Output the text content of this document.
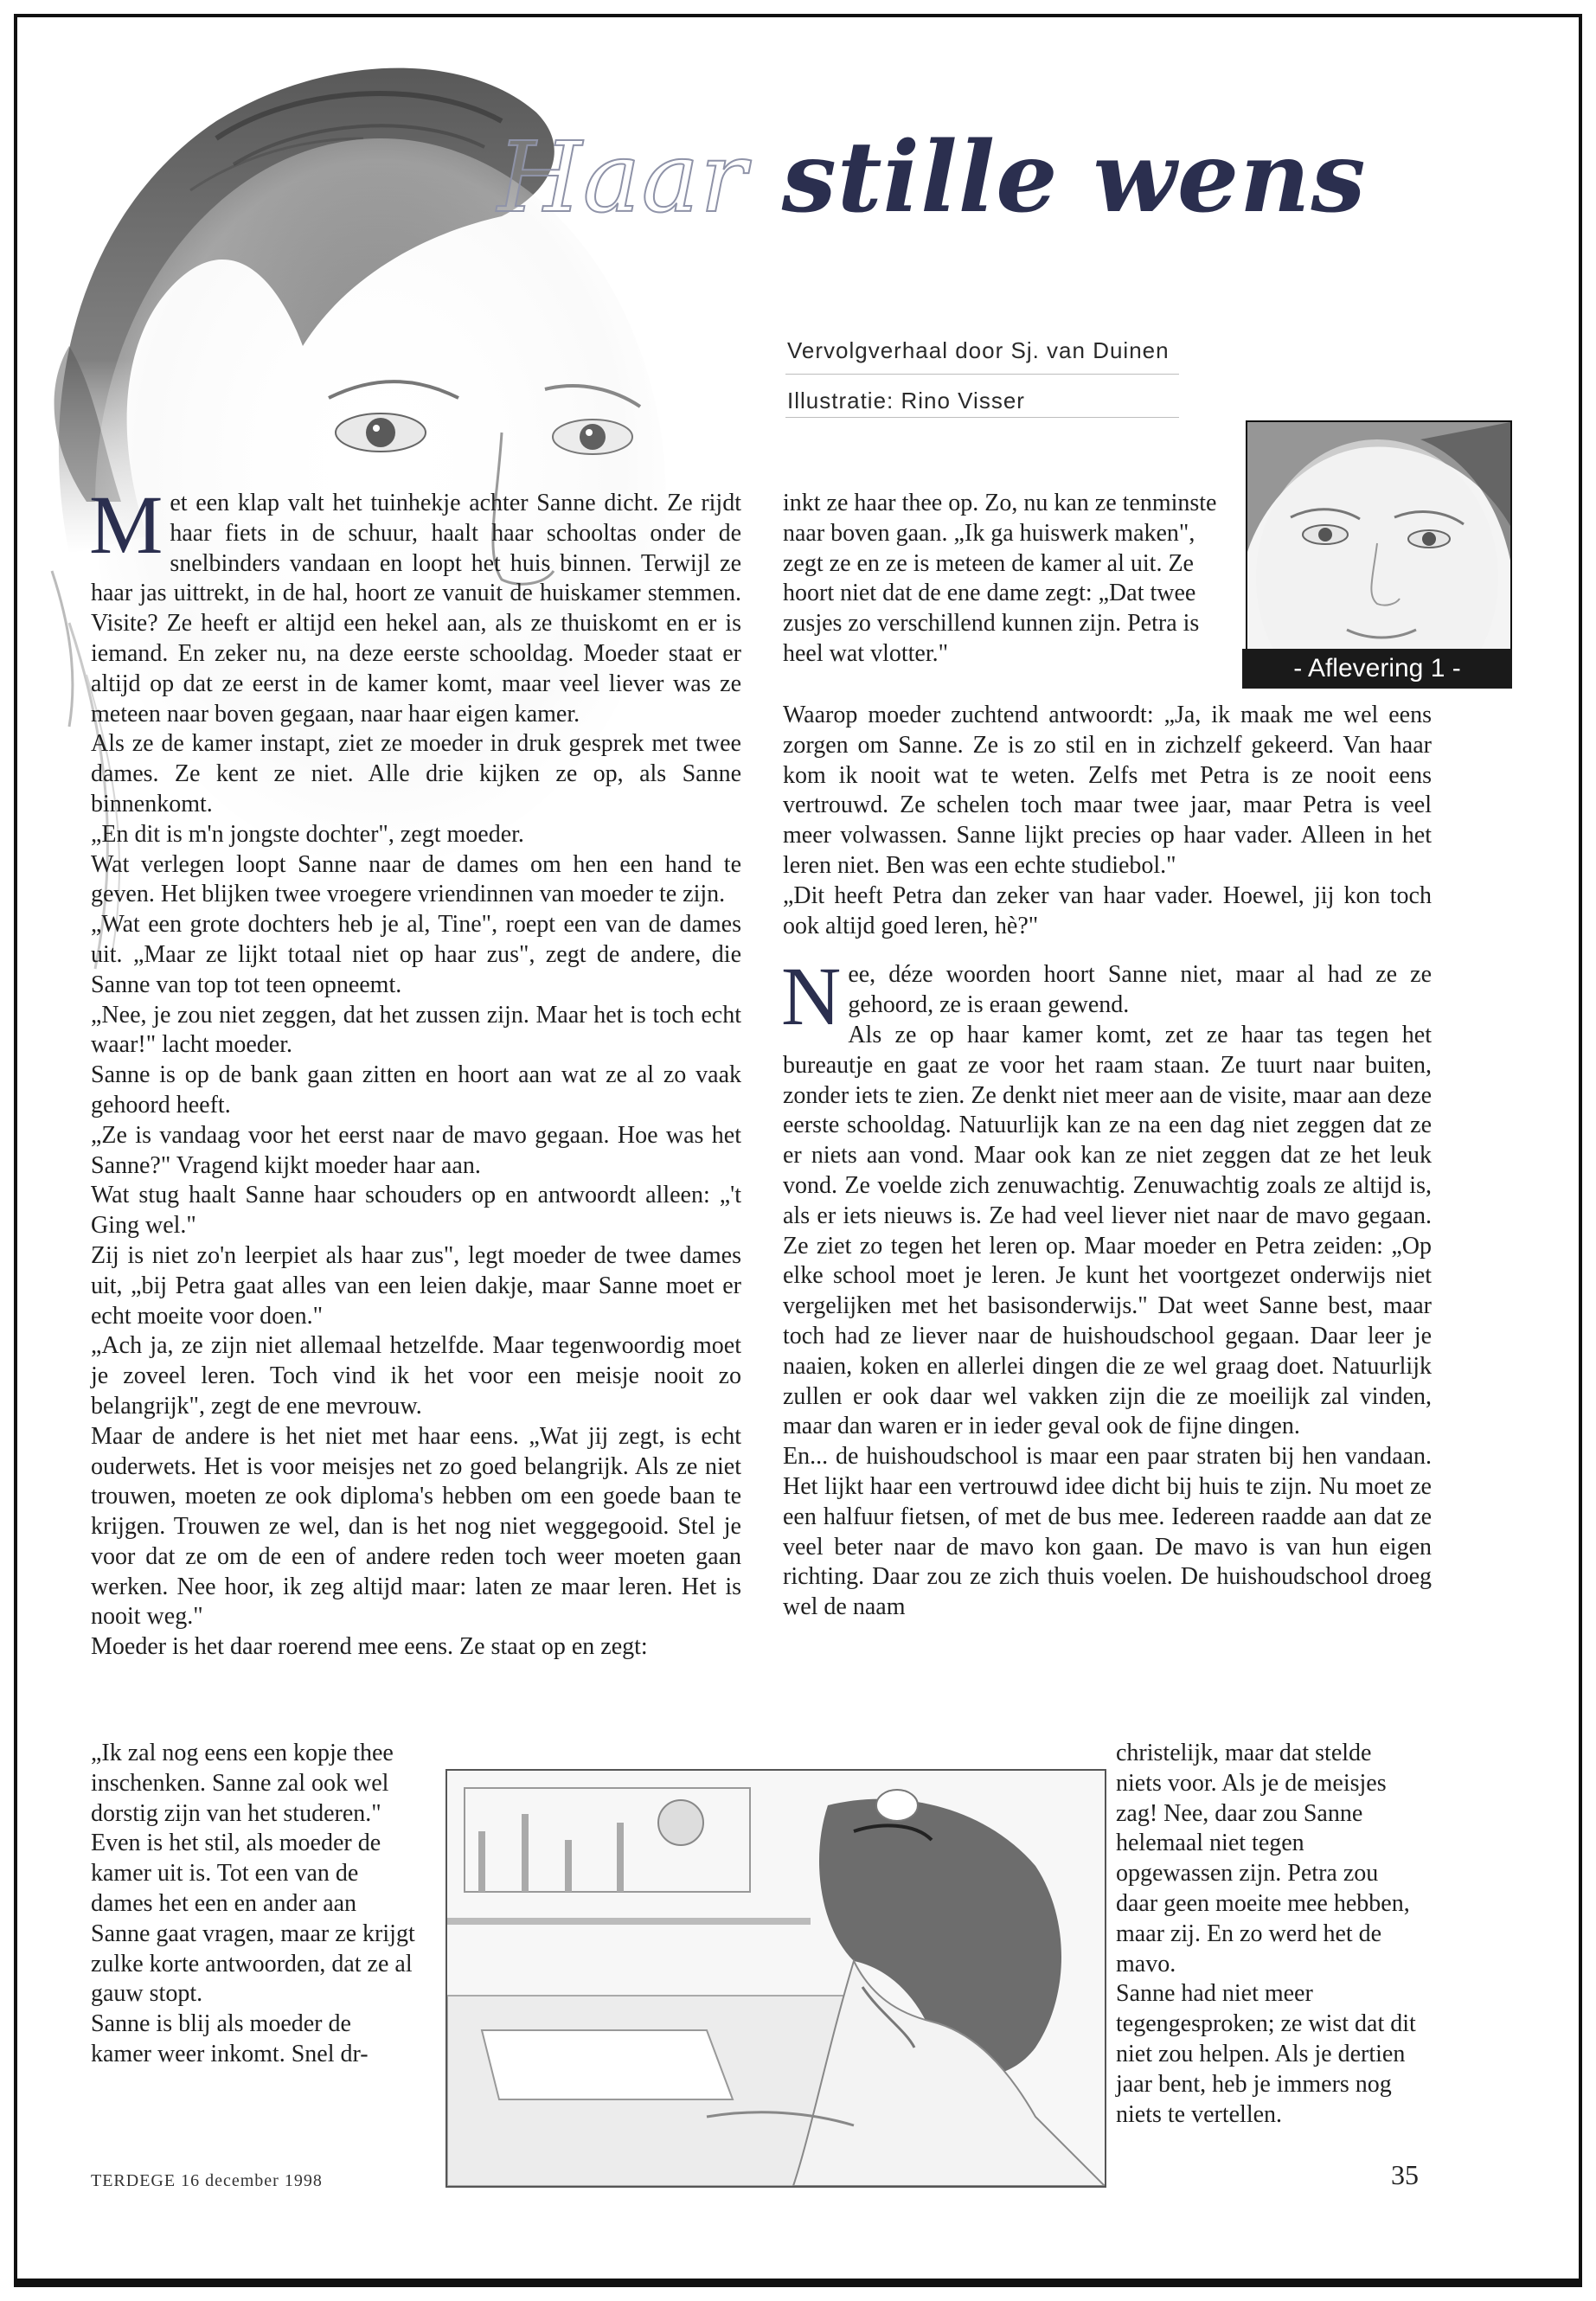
Haar stille wens
Vervolgverhaal door Sj. van Duinen
Illustratie: Rino Visser
- Aflevering 1 -
M et een klap valt het tuinhekje achter Sanne dicht. Ze rijdt haar fiets in de schuur, haalt haar schooltas onder de snelbinders vandaan en loopt het huis binnen. Terwijl ze haar jas uittrekt, in de hal, hoort ze vanuit de huiskamer stemmen. Visite? Ze heeft er altijd een hekel aan, als ze thuiskomt en er is iemand. En zeker nu, na deze eerste schooldag. Moeder staat er altijd op dat ze eerst in de kamer komt, maar veel liever was ze meteen naar boven gegaan, naar haar eigen kamer.

Als ze de kamer instapt, ziet ze moeder in druk gesprek met twee dames. Ze kent ze niet. Alle drie kijken ze op, als Sanne binnenkomt.

„En dit is m'n jongste dochter", zegt moeder.

Wat verlegen loopt Sanne naar de dames om hen een hand te geven. Het blijken twee vroegere vriendinnen van moeder te zijn.

„Wat een grote dochters heb je al, Tine", roept een van de dames uit. „Maar ze lijkt totaal niet op haar zus", zegt de andere, die Sanne van top tot teen opneemt.

„Nee, je zou niet zeggen, dat het zussen zijn. Maar het is toch echt waar!" lacht moeder.

Sanne is op de bank gaan zitten en hoort aan wat ze al zo vaak gehoord heeft.

„Ze is vandaag voor het eerst naar de mavo gegaan. Hoe was het Sanne?" Vragend kijkt moeder haar aan.

Wat stug haalt Sanne haar schouders op en antwoordt alleen: „'t Ging wel."

Zij is niet zo'n leerpiet als haar zus", legt moeder de twee dames uit, „bij Petra gaat alles van een leien dakje, maar Sanne moet er echt moeite voor doen."

„Ach ja, ze zijn niet allemaal hetzelfde. Maar tegenwoordig moet je zoveel leren. Toch vind ik het voor een meisje nooit zo belangrijk", zegt de ene mevrouw.

Maar de andere is het niet met haar eens. „Wat jij zegt, is echt ouderwets. Het is voor meisjes net zo goed belangrijk. Als ze niet trouwen, moeten ze ook diploma's hebben om een goede baan te krijgen. Trouwen ze wel, dan is het nog niet weggegooid. Stel je voor dat ze om de een of andere reden toch weer moeten gaan werken. Nee hoor, ik zeg altijd maar: laten ze maar leren. Het is nooit weg."

Moeder is het daar roerend mee eens. Ze staat op en zegt:

„Ik zal nog eens een kopje thee inschenken. Sanne zal ook wel dorstig zijn van het studeren."

Even is het stil, als moeder de kamer uit is. Tot een van de dames het een en ander aan Sanne gaat vragen, maar ze krijgt zulke korte antwoorden, dat ze al gauw stopt.

Sanne is blij als moeder de kamer weer inkomt. Snel dr-

inkt ze haar thee op. Zo, nu kan ze tenminste naar boven gaan. „Ik ga huiswerk maken", zegt ze en ze is meteen de kamer al uit. Ze hoort niet dat de ene dame zegt: „Dat twee zusjes zo verschillend kunnen zijn. Petra is heel wat vlotter."

Waarop moeder zuchtend antwoordt: „Ja, ik maak me wel eens zorgen om Sanne. Ze is zo stil en in zichzelf gekeerd. Van haar kom ik nooit wat te weten. Zelfs met Petra is ze nooit eens vertrouwd. Ze schelen toch maar twee jaar, maar Petra is veel meer volwassen. Sanne lijkt precies op haar vader. Alleen in het leren niet. Ben was een echte studiebol."

„Dit heeft Petra dan zeker van haar vader. Hoewel, jij kon toch ook altijd goed leren, hè?"

N ee, déze woorden hoort Sanne niet, maar al had ze ze gehoord, ze is eraan gewend.

Als ze op haar kamer komt, zet ze haar tas tegen het bureautje en gaat ze voor het raam staan. Ze tuurt naar buiten, zonder iets te zien. Ze denkt niet meer aan de visite, maar aan deze eerste schooldag. Natuurlijk kan ze na een dag niet zeggen dat ze er niets aan vond. Maar ook kan ze niet zeggen dat ze het leuk vond. Ze voelde zich zenuwachtig. Zenuwachtig zoals ze altijd is, als er iets nieuws is. Ze had veel liever niet naar de mavo gegaan. Ze ziet zo tegen het leren op. Maar moeder en Petra zeiden: „Op elke school moet je leren. Je kunt het voortgezet onderwijs niet vergelijken met het basisonderwijs." Dat weet Sanne best, maar toch had ze liever naar de huishoudschool gegaan. Daar leer je naaien, koken en allerlei dingen die ze wel graag doet. Natuurlijk zullen er ook daar wel vakken zijn die ze moeilijk zal vinden, maar dan waren er in ieder geval ook de fijne dingen.

En... de huishoudschool is maar een paar straten bij hen vandaan. Het lijkt haar een vertrouwd idee dicht bij huis te zijn. Nu moet ze een halfuur fietsen, of met de bus mee. Iedereen raadde aan dat ze veel beter naar de mavo kon gaan. De mavo is van hun eigen richting. Daar zou ze zich thuis voelen. De huishoudschool droeg wel de naam

christelijk, maar dat stelde niets voor. Als je de meisjes zag! Nee, daar zou Sanne helemaal niet tegen opgewassen zijn. Petra zou daar geen moeite mee hebben, maar zij. En zo werd het de mavo.

Sanne had niet meer tegengesproken; ze wist dat dit niet zou helpen. Als je dertien jaar bent, heb je immers nog niets te vertellen.

TERDEGE 16 december 1998	35
